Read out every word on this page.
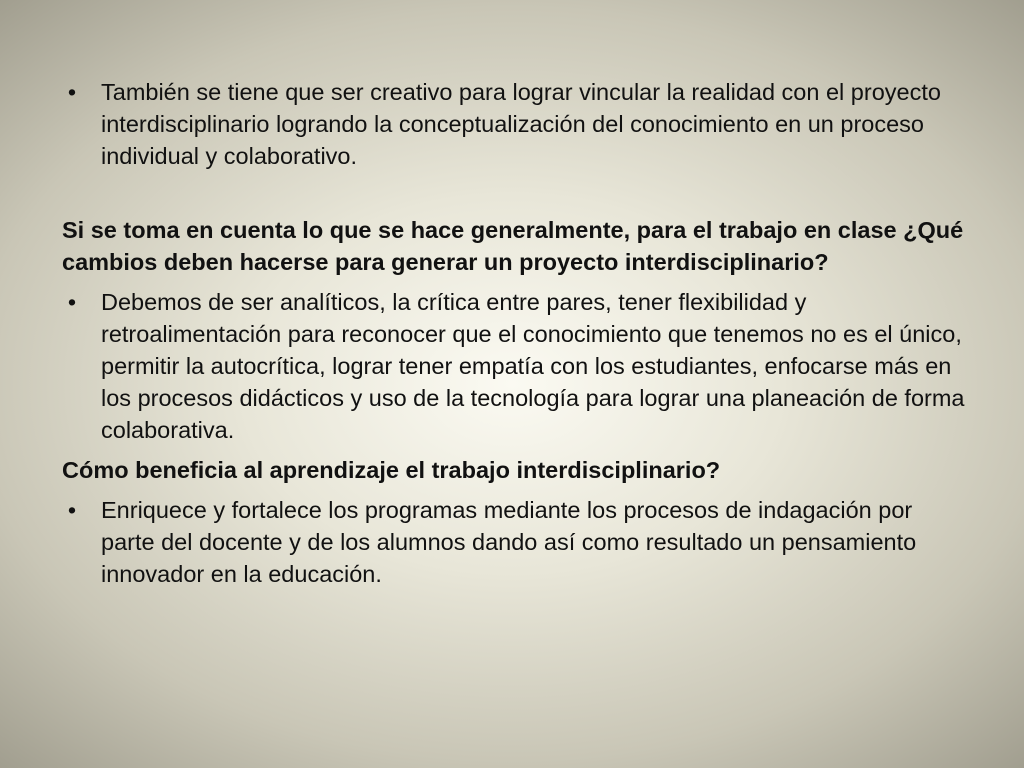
• También se tiene que ser creativo para lograr vincular la realidad con el proyecto interdisciplinario logrando la conceptualización del conocimiento en un proceso individual y colaborativo.
Si se toma en cuenta lo que se hace generalmente, para el trabajo en clase ¿Qué cambios deben hacerse para generar un proyecto interdisciplinario?
• Debemos de ser analíticos, la crítica entre pares, tener flexibilidad y retroalimentación para reconocer que el conocimiento que tenemos no es el único, permitir la autocrítica, lograr tener empatía con los estudiantes, enfocarse más en los procesos didácticos y uso de la tecnología para lograr una planeación de forma colaborativa.
Cómo beneficia al aprendizaje el trabajo interdisciplinario?
• Enriquece y fortalece los programas mediante los procesos de indagación por parte del docente y de los alumnos dando así como resultado un pensamiento innovador en la educación.
